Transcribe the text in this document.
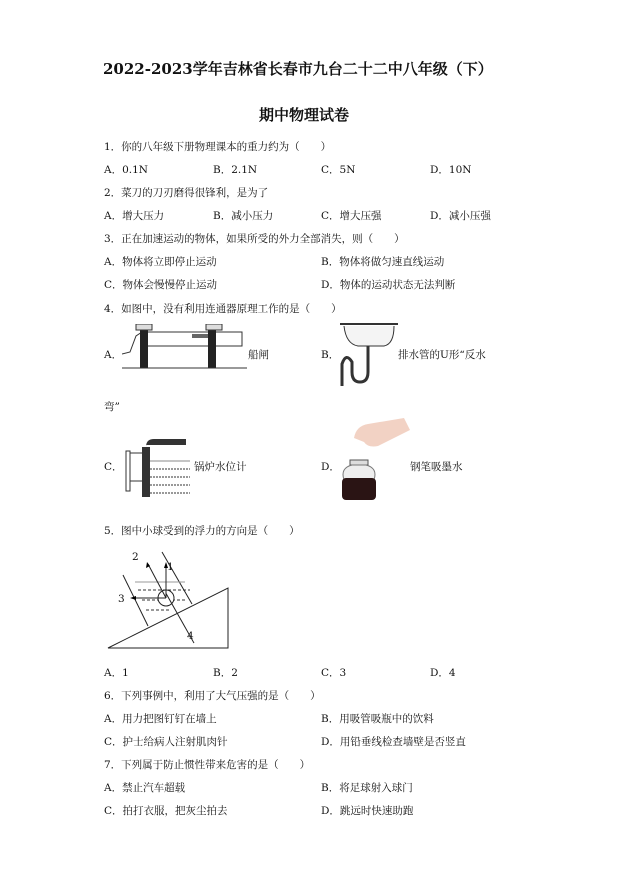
2022-2023学年吉林省长春市九台二十二中八年级（下）
期中物理试卷
1．你的八年级下册物理课本的重力约为（　　）
A．0.1N	B．2.1N	C．5N	D．10N
2．菜刀的刀刃磨得很锋利，是为了
A．增大压力	B．减小压力	C．增大压强	D．减小压强
3．正在加速运动的物体，如果所受的外力全部消失，则（　　）
A．物体将立即停止运动	B．物体将做匀速直线运动
C．物体会慢慢停止运动	D．物体的运动状态无法判断
4．如图中，没有利用连通器原理工作的是（　　）
A．	船闸	B．	排水管的U形“反水
弯”
C．	锅炉水位计	D．	钢笔吸墨水
5．图中小球受到的浮力的方向是（　　）
1
2
3
4
A．1	B．2	C．3	D．4
6．下列事例中，利用了大气压强的是（　　）
A．用力把图钉钉在墙上	B．用吸管吸瓶中的饮料
C．护士给病人注射肌肉针	D．用铅垂线检查墙壁是否竖直
7．下列属于防止惯性带来危害的是（　　）
A．禁止汽车超载	B．将足球射入球门
C．拍打衣服，把灰尘拍去	D．跳远时快速助跑
